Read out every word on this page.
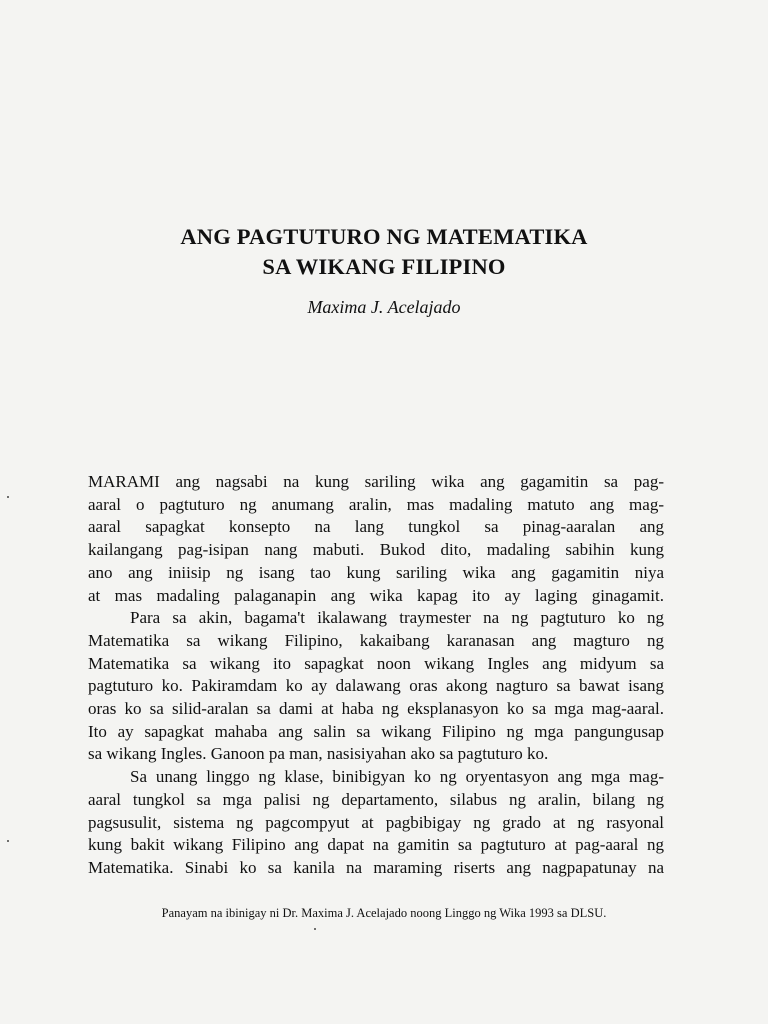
ANG PAGTUTURO NG MATEMATIKA
SA WIKANG FILIPINO
Maxima J. Acelajado
MARAMI ang nagsabi na kung sariling wika ang gagamitin sa pag-
aaral o pagtuturo ng anumang aralin, mas madaling matuto ang mag-
aaral sapagkat konsepto na lang tungkol sa pinag-aaralan ang
kailangang pag-isipan nang mabuti. Bukod dito, madaling sabihin kung
ano ang iniisip ng isang tao kung sariling wika ang gagamitin niya
at mas madaling palaganapin ang wika kapag ito ay laging ginagamit.
Para sa akin, bagama't ikalawang traymester na ng pagtuturo ko ng
Matematika sa wikang Filipino, kakaibang karanasan ang magturo ng
Matematika sa wikang ito sapagkat noon wikang Ingles ang midyum sa
pagtuturo ko. Pakiramdam ko ay dalawang oras akong nagturo sa bawat isang
oras ko sa silid-aralan sa dami at haba ng eksplanasyon ko sa mga mag-aaral.
Ito ay sapagkat mahaba ang salin sa wikang Filipino ng mga pangungusap
sa wikang Ingles. Ganoon pa man, nasisiyahan ako sa pagtuturo ko.
Sa unang linggo ng klase, binibigyan ko ng oryentasyon ang mga mag-
aaral tungkol sa mga palisi ng departamento, silabus ng aralin, bilang ng
pagsusulit, sistema ng pagcompyut at pagbibigay ng grado at ng rasyonal
kung bakit wikang Filipino ang dapat na gamitin sa pagtuturo at pag-aaral ng
Matematika. Sinabi ko sa kanila na maraming riserts ang nagpapatunay na
Panayam na ibinigay ni Dr. Maxima J. Acelajado noong Linggo ng Wika 1993 sa DLSU.
